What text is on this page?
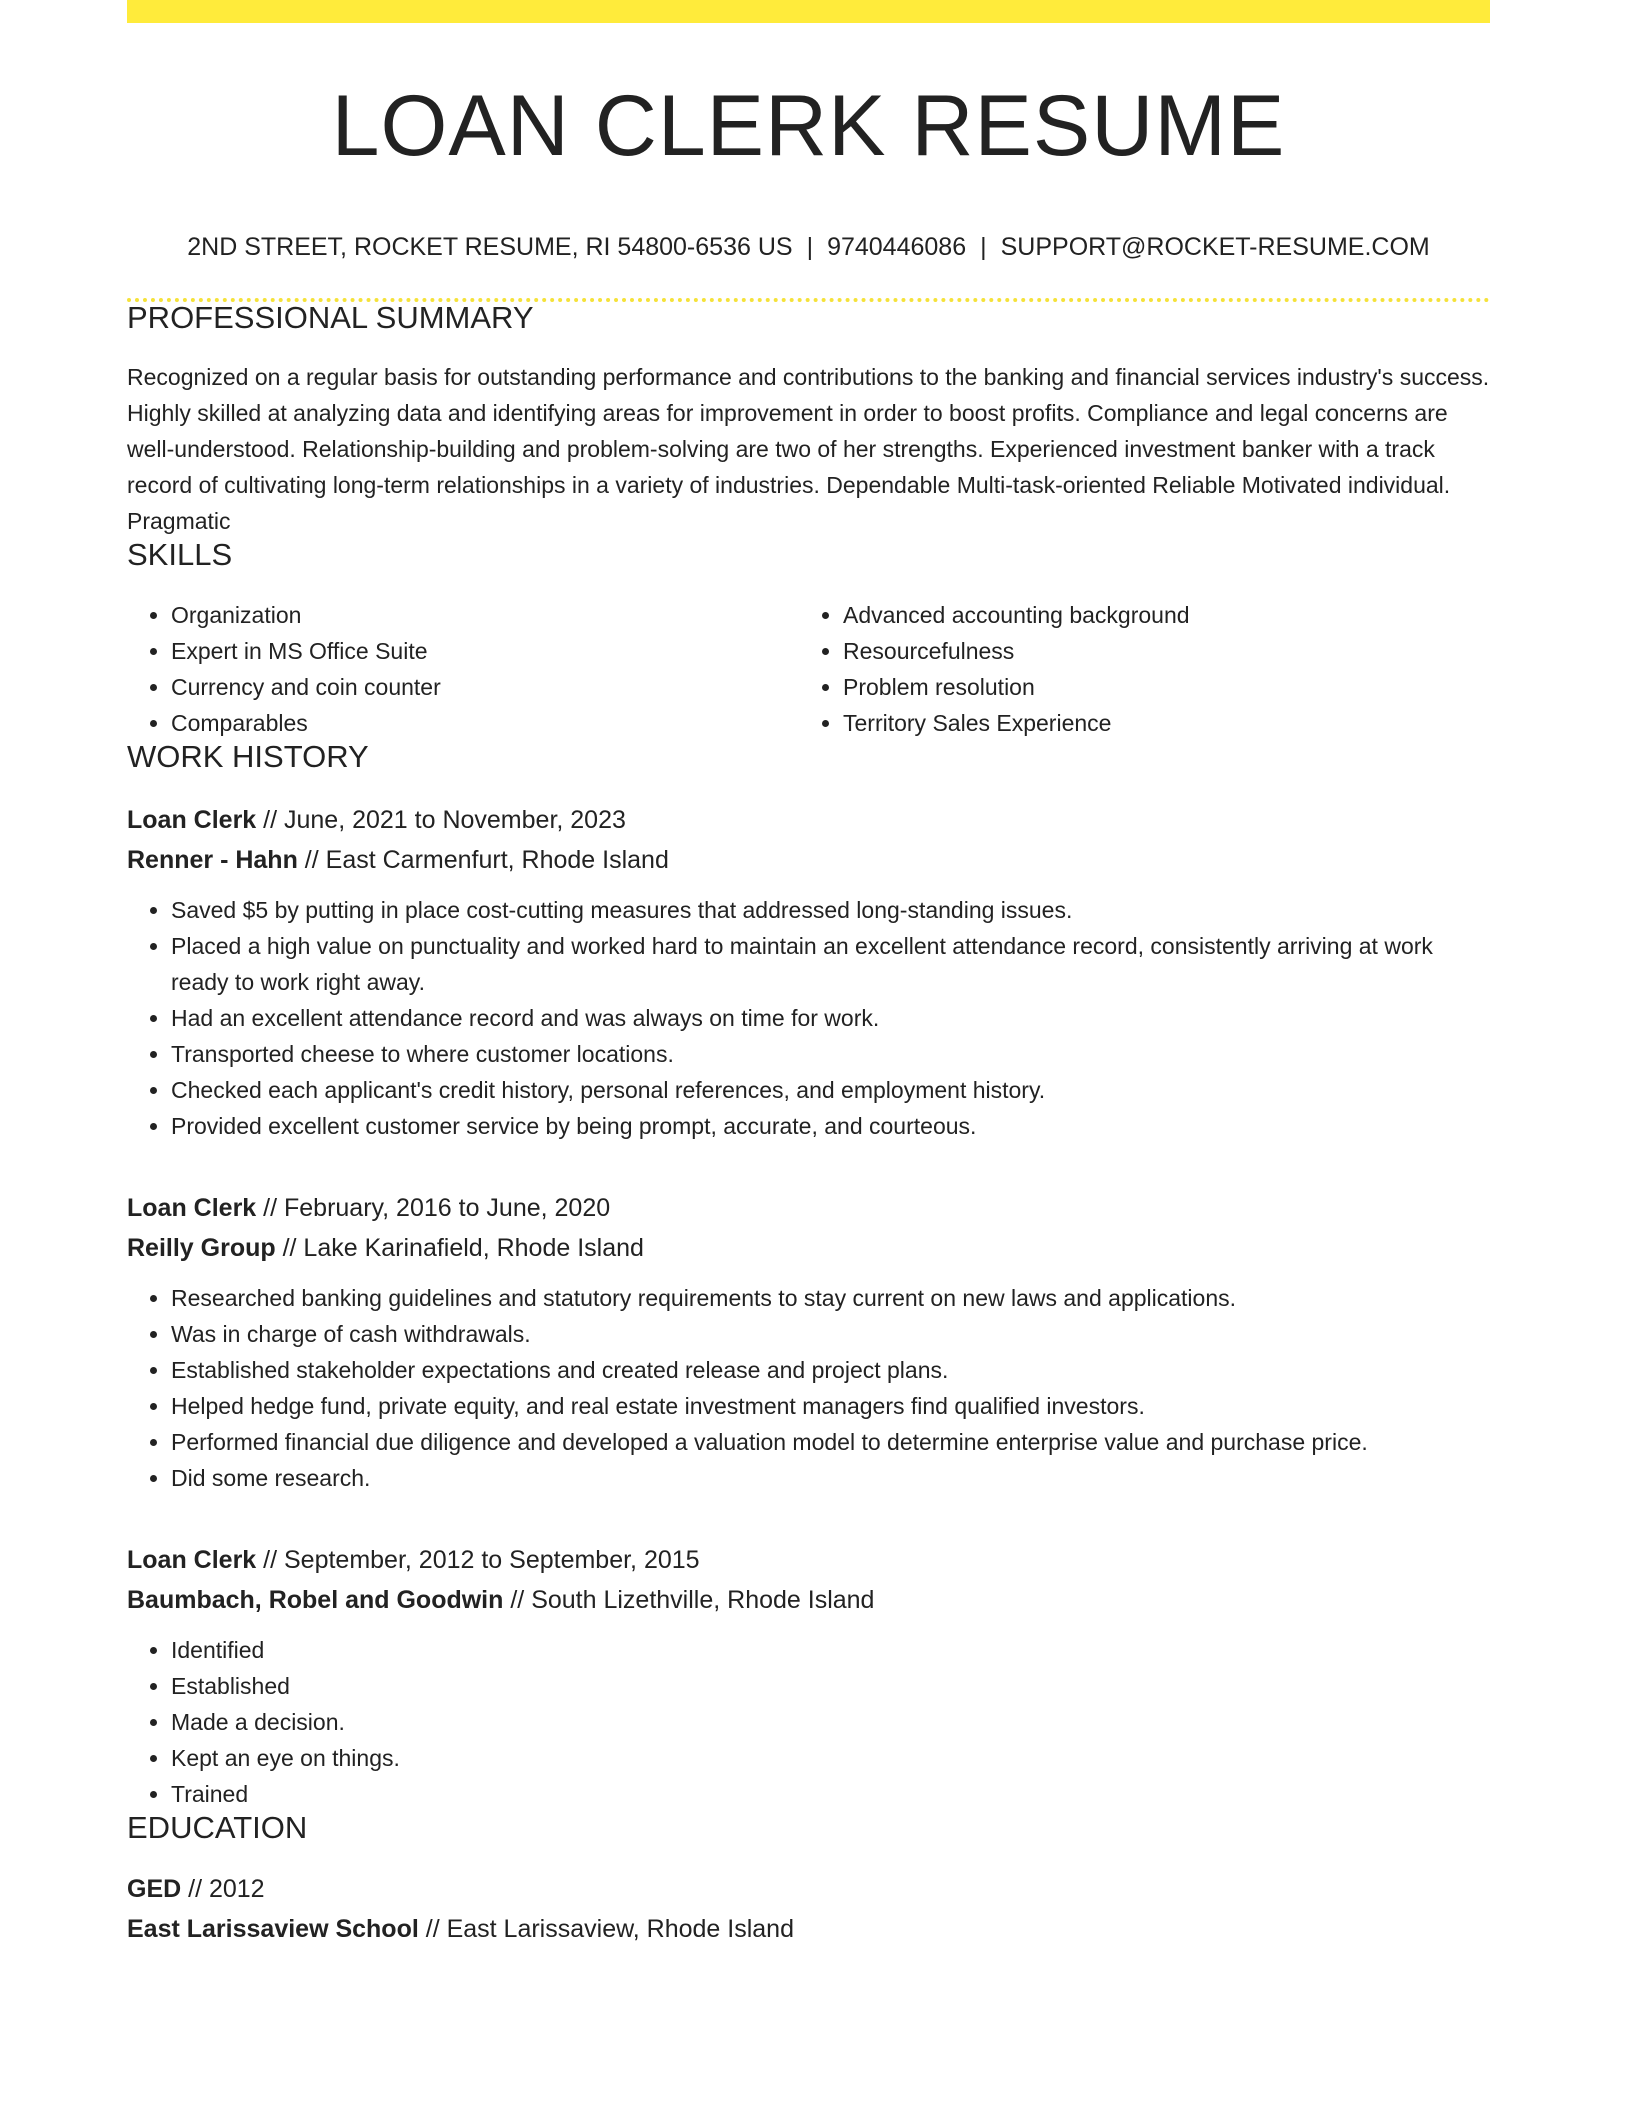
LOAN CLERK RESUME
2ND STREET, ROCKET RESUME, RI 54800-6536 US | 9740446086 | SUPPORT@ROCKET-RESUME.COM
PROFESSIONAL SUMMARY
Recognized on a regular basis for outstanding performance and contributions to the banking and financial services industry's success. Highly skilled at analyzing data and identifying areas for improvement in order to boost profits. Compliance and legal concerns are well-understood. Relationship-building and problem-solving are two of her strengths. Experienced investment banker with a track record of cultivating long-term relationships in a variety of industries. Dependable Multi-task-oriented Reliable Motivated individual. Pragmatic
SKILLS
• Organization
• Expert in MS Office Suite
• Currency and coin counter
• Comparables
• Advanced accounting background
• Resourcefulness
• Problem resolution
• Territory Sales Experience
WORK HISTORY
Loan Clerk // June, 2021 to November, 2023
Renner - Hahn // East Carmenfurt, Rhode Island
• Saved $5 by putting in place cost-cutting measures that addressed long-standing issues.
• Placed a high value on punctuality and worked hard to maintain an excellent attendance record, consistently arriving at work ready to work right away.
• Had an excellent attendance record and was always on time for work.
• Transported cheese to where customer locations.
• Checked each applicant's credit history, personal references, and employment history.
• Provided excellent customer service by being prompt, accurate, and courteous.
Loan Clerk // February, 2016 to June, 2020
Reilly Group // Lake Karinafield, Rhode Island
• Researched banking guidelines and statutory requirements to stay current on new laws and applications.
• Was in charge of cash withdrawals.
• Established stakeholder expectations and created release and project plans.
• Helped hedge fund, private equity, and real estate investment managers find qualified investors.
• Performed financial due diligence and developed a valuation model to determine enterprise value and purchase price.
• Did some research.
Loan Clerk // September, 2012 to September, 2015
Baumbach, Robel and Goodwin // South Lizethville, Rhode Island
• Identified
• Established
• Made a decision.
• Kept an eye on things.
• Trained
EDUCATION
GED // 2012
East Larissaview School // East Larissaview, Rhode Island
